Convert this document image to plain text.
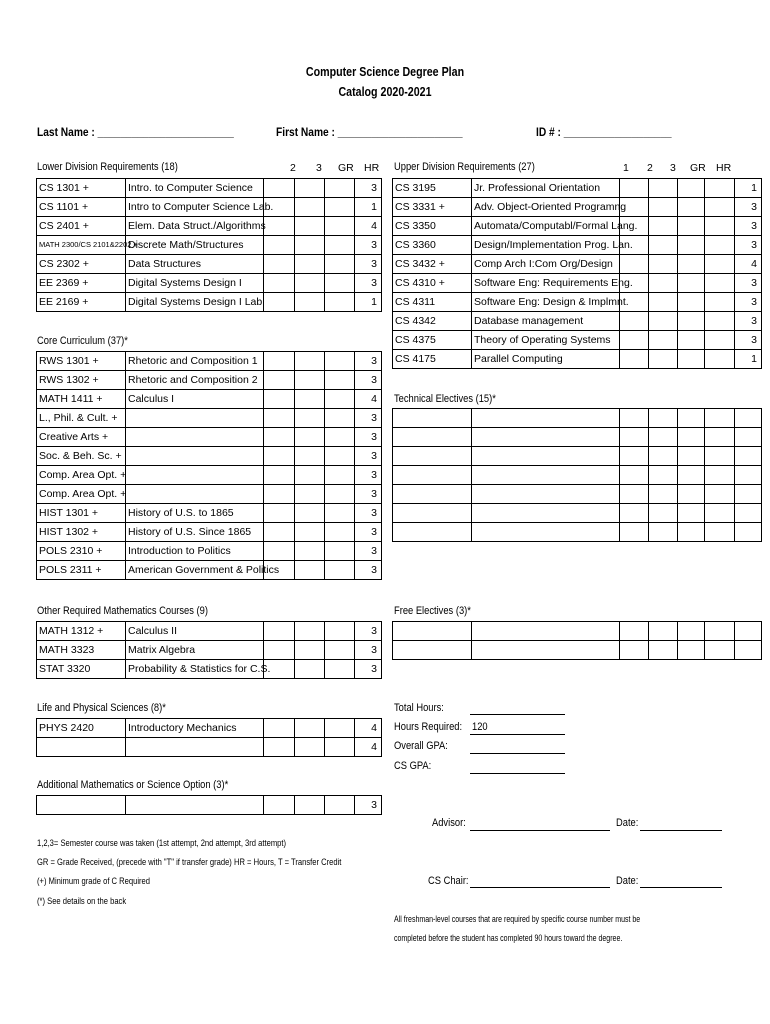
Computer Science Degree Plan
Catalog 2020-2021
Last Name : ________________________	First Name : ______________________	ID # : ___________________
Lower Division Requirements (18)	2 3 GR HR
CS 1301 +	Intro. to Computer Science				3
CS 1101 +	Intro to Computer Science Lab.				1
CS 2401 +	Elem. Data Struct./Algorithms				4
MATH 2300/CS 2101&2202 +	Discrete Math/Structures				3
CS 2302 +	Data Structures				3
EE 2369 +	Digital Systems Design I				3
EE 2169 +	Digital Systems Design I Lab				1
Core Curriculum (37)*
RWS 1301 +	Rhetoric and Composition 1				3
RWS 1302 +	Rhetoric and Composition 2				3
MATH 1411 +	Calculus I				4
L., Phil. & Cult. +					3
Creative Arts +					3
Soc. & Beh. Sc. +					3
Comp. Area Opt. +					3
Comp. Area Opt. +					3
HIST 1301 +	History of U.S. to 1865				3
HIST 1302 +	History of U.S. Since 1865				3
POLS 2310 +	Introduction to Politics				3
POLS 2311 +	American Government & Politics				3
Other Required Mathematics Courses (9)
MATH 1312 +	Calculus II				3
MATH 3323	Matrix Algebra				3
STAT 3320	Probability & Statistics for C.S.				3
Life and Physical Sciences (8)*
PHYS 2420	Introductory Mechanics				4
					4
Additional Mathematics or Science Option (3)*
					3
Upper Division Requirements (27)	1 2 3 GR HR
CS 3195	Jr. Professional Orientation					1
CS 3331 +	Adv. Object-Oriented Programng					3
CS 3350	Automata/Computabl/Formal Lang.					3
CS 3360	Design/Implementation Prog. Lan.					3
CS 3432 +	Comp Arch I:Com Org/Design					4
CS 4310 +	Software Eng: Requirements Eng.					3
CS 4311	Software Eng: Design & Implmnt.					3
CS 4342	Database management					3
CS 4375	Theory of Operating Systems					3
CS 4175	Parallel Computing					1
Technical Electives (15)*

Free Electives (3)*

Total Hours:
Hours Required: 120
Overall GPA:
CS GPA:
Advisor:	Date:
CS Chair:	Date:
1,2,3= Semester course was taken (1st attempt, 2nd attempt, 3rd attempt)
GR = Grade Received, (precede with "T" if transfer grade) HR = Hours, T = Transfer Credit
(+) Minimum grade of C Required
(*) See details on the back
All freshman-level courses that are required by specific course number must be
completed before the student has completed 90 hours toward the degree.
